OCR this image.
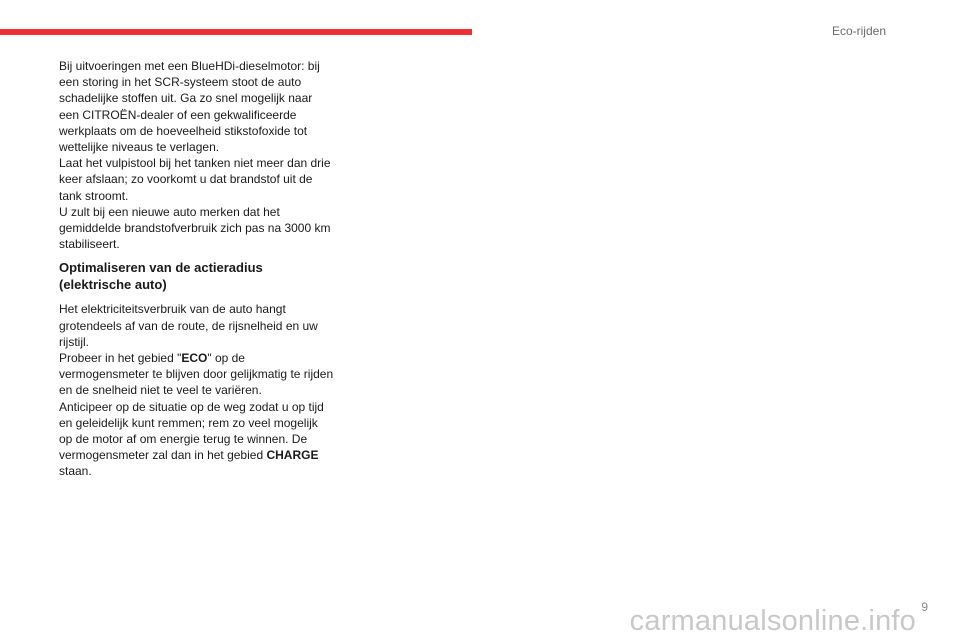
Eco-rijden

Bij uitvoeringen met een BlueHDi-dieselmotor: bij een storing in het SCR-systeem stoot de auto schadelijke stoffen uit. Ga zo snel mogelijk naar een CITROËN-dealer of een gekwalificeerde werkplaats om de hoeveelheid stikstofoxide tot wettelijke niveaus te verlagen.

Laat het vulpistool bij het tanken niet meer dan drie keer afslaan; zo voorkomt u dat brandstof uit de tank stroomt.

U zult bij een nieuwe auto merken dat het gemiddelde brandstofverbruik zich pas na 3000 km stabiliseert.

Optimaliseren van de actieradius (elektrische auto)

Het elektriciteitsverbruik van de auto hangt grotendeels af van de route, de rijsnelheid en uw rijstijl.

Probeer in het gebied "ECO" op de vermogensmeter te blijven door gelijkmatig te rijden en de snelheid niet te veel te variëren.

Anticipeer op de situatie op de weg zodat u op tijd en geleidelijk kunt remmen; rem zo veel mogelijk op de motor af om energie terug te winnen. De vermogensmeter zal dan in het gebied CHARGE staan.

9
carmanualsonline.info
